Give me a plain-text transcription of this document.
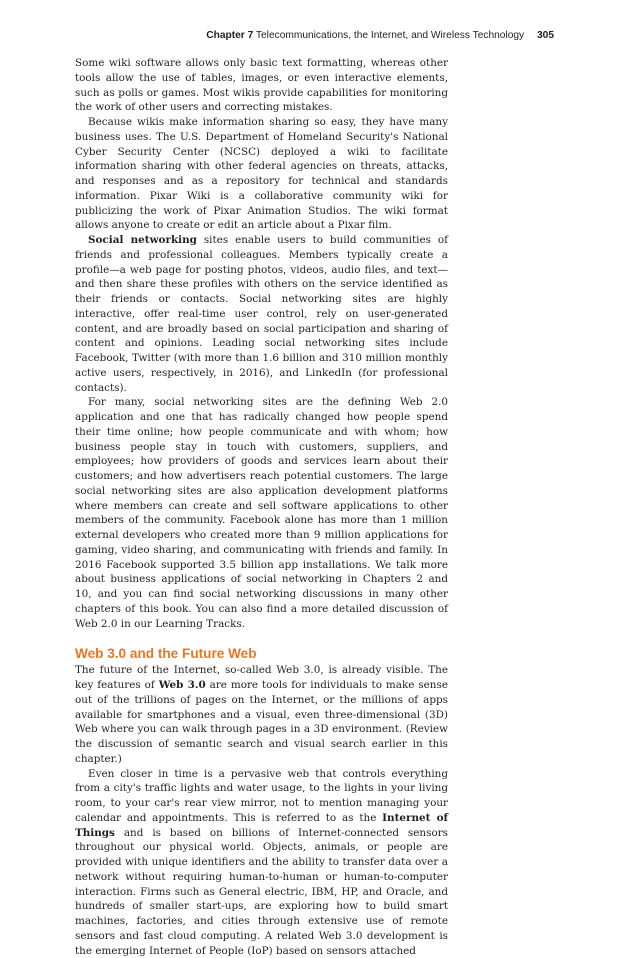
Chapter 7 Telecommunications, the Internet, and Wireless Technology 305

Some wiki software allows only basic text formatting, whereas other tools allow the use of tables, images, or even interactive elements, such as polls or games. Most wikis provide capabilities for monitoring the work of other users and correcting mistakes.

Because wikis make information sharing so easy, they have many business uses. The U.S. Department of Homeland Security's National Cyber Security Center (NCSC) deployed a wiki to facilitate information sharing with other federal agencies on threats, attacks, and responses and as a repository for technical and standards information. Pixar Wiki is a collaborative community wiki for publicizing the work of Pixar Animation Studios. The wiki format allows anyone to create or edit an article about a Pixar film.

Social networking sites enable users to build communities of friends and professional colleagues. Members typically create a profile—a web page for posting photos, videos, audio files, and text—and then share these profiles with others on the service identified as their friends or contacts. Social networking sites are highly interactive, offer real-time user control, rely on user-generated content, and are broadly based on social participation and sharing of content and opinions. Leading social networking sites include Facebook, Twitter (with more than 1.6 billion and 310 million monthly active users, respectively, in 2016), and LinkedIn (for professional contacts).

For many, social networking sites are the defining Web 2.0 application and one that has radically changed how people spend their time online; how people communicate and with whom; how business people stay in touch with customers, suppliers, and employees; how providers of goods and services learn about their customers; and how advertisers reach potential customers. The large social networking sites are also application development platforms where members can create and sell software applications to other members of the community. Facebook alone has more than 1 million external developers who created more than 9 million applications for gaming, video sharing, and communicating with friends and family. In 2016 Facebook supported 3.5 billion app installations. We talk more about business applications of social networking in Chapters 2 and 10, and you can find social networking discussions in many other chapters of this book. You can also find a more detailed discussion of Web 2.0 in our Learning Tracks.

Web 3.0 and the Future Web

The future of the Internet, so-called Web 3.0, is already visible. The key features of Web 3.0 are more tools for individuals to make sense out of the trillions of pages on the Internet, or the millions of apps available for smartphones and a visual, even three-dimensional (3D) Web where you can walk through pages in a 3D environment. (Review the discussion of semantic search and visual search earlier in this chapter.)

Even closer in time is a pervasive web that controls everything from a city's traffic lights and water usage, to the lights in your living room, to your car's rear view mirror, not to mention managing your calendar and appointments. This is referred to as the Internet of Things and is based on billions of Internet-connected sensors throughout our physical world. Objects, animals, or people are provided with unique identifiers and the ability to transfer data over a network without requiring human-to-human or human-to-computer interaction. Firms such as General electric, IBM, HP, and Oracle, and hundreds of smaller start-ups, are exploring how to build smart machines, factories, and cities through extensive use of remote sensors and fast cloud computing. A related Web 3.0 development is the emerging Internet of People (IoP) based on sensors attached
